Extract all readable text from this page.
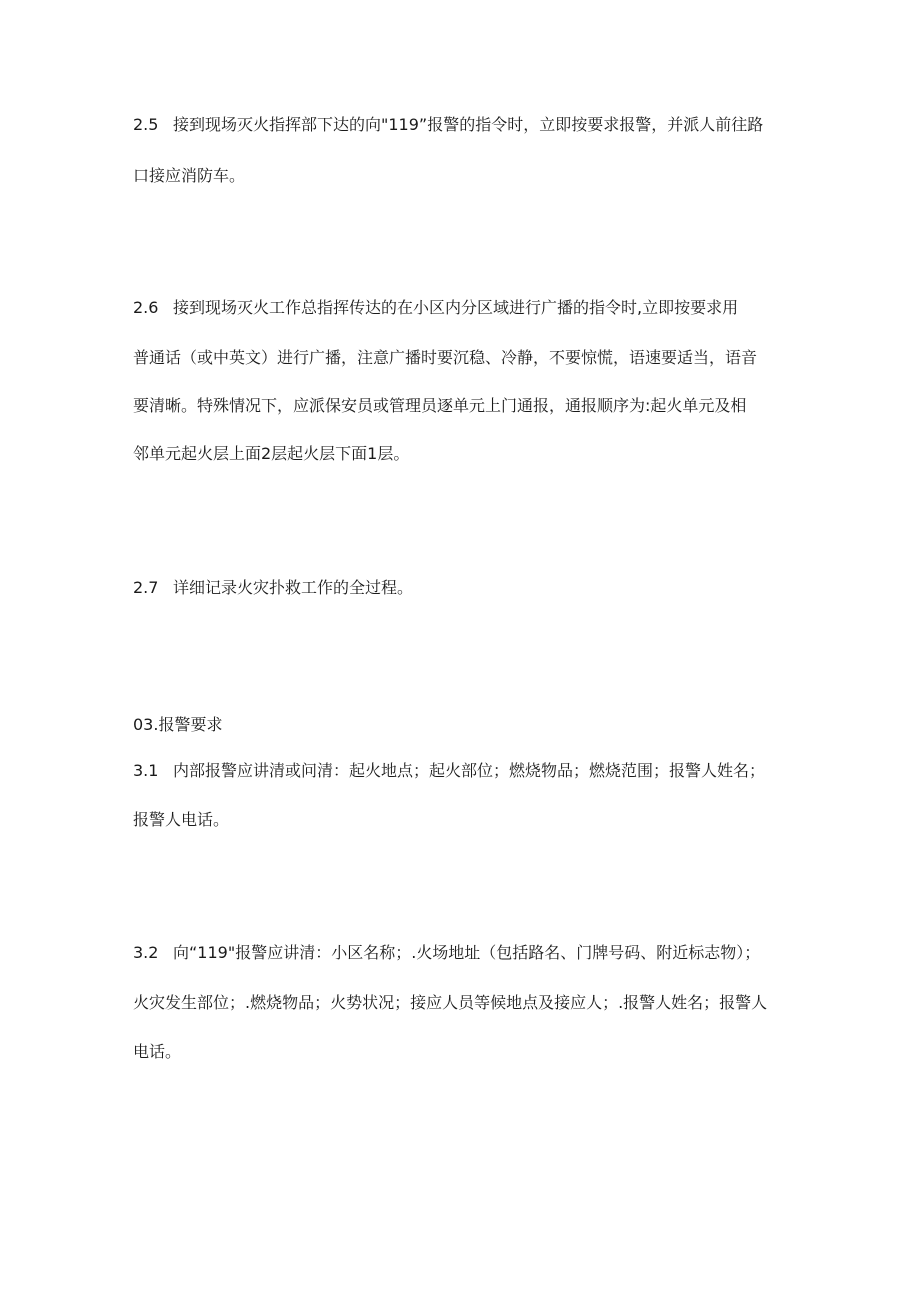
2.5 接到现场灭火指挥部下达的向"119”报警的指令时，立即按要求报警，并派人前往路
口接应消防车。
2.6 接到现场灭火工作总指挥传达的在小区内分区域进行广播的指令时,立即按要求用
普通话（或中英文）进行广播，注意广播时要沉稳、冷静，不要惊慌，语速要适当，语音
要清晰。特殊情况下，应派保安员或管理员逐单元上门通报，通报顺序为:起火单元及相
邻单元起火层上面2层起火层下面1层。
2.7 详细记录火灾扑救工作的全过程。
03.报警要求
3.1 内部报警应讲清或问清：起火地点；起火部位；燃烧物品；燃烧范围；报警人姓名；
报警人电话。
3.2 向“119"报警应讲清：小区名称；.火场地址（包括路名、门牌号码、附近标志物）；
火灾发生部位；.燃烧物品；火势状况；接应人员等候地点及接应人；.报警人姓名；报警人
电话。
